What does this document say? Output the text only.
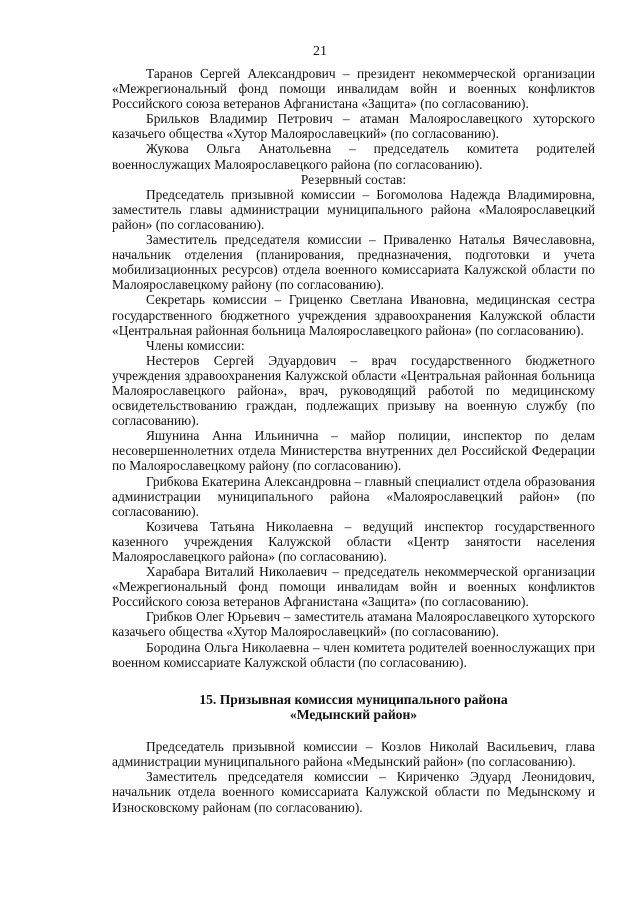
21

Таранов Сергей Александрович – президент некоммерческой организации «Межрегиональный фонд помощи инвалидам войн и военных конфликтов Российского союза ветеранов Афганистана «Защита» (по согласованию).

Брильков Владимир Петрович – атаман Малоярославецкого хуторского казачьего общества «Хутор Малоярославецкий» (по согласованию).

Жукова Ольга Анатольевна – председатель комитета родителей военнослужащих Малоярославецкого района (по согласованию).

Резервный состав:

Председатель призывной комиссии – Богомолова Надежда Владимировна, заместитель главы администрации муниципального района «Малоярославецкий район» (по согласованию).

Заместитель председателя комиссии – Приваленко Наталья Вячеславовна, начальник отделения (планирования, предназначения, подготовки и учета мобилизационных ресурсов) отдела военного комиссариата Калужской области по Малоярославецкому району (по согласованию).

Секретарь комиссии – Гриценко Светлана Ивановна, медицинская сестра государственного бюджетного учреждения здравоохранения Калужской области «Центральная районная больница Малоярославецкого района» (по согласованию).

Члены комиссии:

Нестеров Сергей Эдуардович – врач государственного бюджетного учреждения здравоохранения Калужской области «Центральная районная больница Малоярославецкого района», врач, руководящий работой по медицинскому освидетельствованию граждан, подлежащих призыву на военную службу (по согласованию).

Яшунина Анна Ильинична – майор полиции, инспектор по делам несовершеннолетних отдела Министерства внутренних дел Российской Федерации по Малоярославецкому району (по согласованию).

Грибкова Екатерина Александровна – главный специалист отдела образования администрации муниципального района «Малоярославецкий район» (по согласованию).

Козичева Татьяна Николаевна – ведущий инспектор государственного казенного учреждения Калужской области «Центр занятости населения Малоярославецкого района» (по согласованию).

Харабара Виталий Николаевич – председатель некоммерческой организации «Межрегиональный фонд помощи инвалидам войн и военных конфликтов Российского союза ветеранов Афганистана «Защита» (по согласованию).

Грибков Олег Юрьевич – заместитель атамана Малоярославецкого хуторского казачьего общества «Хутор Малоярославецкий» (по согласованию).

Бородина Ольга Николаевна – член комитета родителей военнослужащих при военном комиссариате Калужской области (по согласованию).

15. Призывная комиссия муниципального района

«Медынский район»

Председатель призывной комиссии – Козлов Николай Васильевич, глава администрации муниципального района «Медынский район» (по согласованию).

Заместитель председателя комиссии – Кириченко Эдуард Леонидович, начальник отдела военного комиссариата Калужской области по Медынскому и Износковскому районам (по согласованию).
